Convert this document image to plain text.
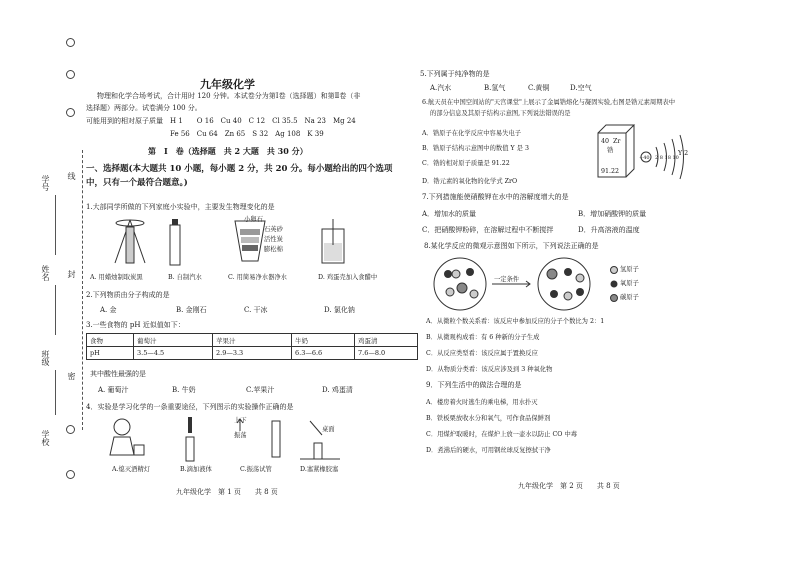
学号
姓名
班级
学校
线
封
密
九年级化学
物理和化学合场考试，合计用时 120 分钟。本试卷分为第Ⅰ卷（选择题）和第Ⅱ卷（非
选择题）两部分。试卷满分 100 分。
可能用到的相对原子质量　H 1　　O 16　Cu 40　C 12　Cl 35.5　Na 23　Mg 24
Fe 56　Cu 64　Zn 65　S 32　Ag 108　K 39
第　Ⅰ　卷（选择题　共 2 大题　共 30 分）
一、选择题(本大题共 10 小题，每小题 2 分，共 20 分。每小题给出的四个选项
中，只有一个最符合题意。)
1.大部同学所做的下列家庭小实验中，主要发生物理变化的是
小卵石
石英砂
活性炭
膨松棉
A. 用蜡烛制取炭黑	B. 自制汽水	C. 用简易净水器净水	D. 鸡蛋壳加入食醋中
2.下列物质由分子构成的是
A. 金	B. 金刚石	C. 干冰	D. 氯化钠
3.一些食物的 pH 近似值如下：
食物	葡萄汁	苹果汁	牛奶	鸡蛋清
pH	3.5—4.5	2.9—3.3	6.3—6.6	7.6—8.0
其中酸性最强的是
A. 葡萄汁	B. 牛奶	C.苹果汁	D. 鸡蛋清
4．实验是学习化学的一条重要途径，下列图示的实验操作正确的是
上下
振荡
桌面
A.熄灭酒精灯	B.滴加液体	C.振荡试管	D.塞紧橡胶塞
九年级化学　第 1 页　　共 8 页
5.下列属于纯净物的是
A.汽水	B.氢气	C.黄铜	D.空气
6.航天员在中国空间站的"天宫课堂"上展示了金属锆熔化与凝固实验,右图是锆元素周期表中
的部分信息及其原子结构示意图,下列说法错误的是
A．锆原子在化学反应中容易失电子
B．锆原子结构示意图中的数值 Y 是 3
C．锆的相对原子质量是 91.22
D．锆元素的氧化物的化学式 ZrO
40 Zr
锆
91.22
+40 2 8 18 10
Y 2
7.下列措施能使硝酸钾在水中的溶解度增大的是
A．增加水的质量	B．增加硝酸钾的质量
C．把硝酸钾粉碎，在溶解过程中不断搅拌	D．升高溶液的温度
8.某化学反应的微观示意图如下所示，下列说法正确的是
一定条件
氢原子
氧原子
碳原子
A．从微粒个数关系看：该反应中参加反应的分子个数比为 2：1
B．从微观构成看：有 6 种新的分子生成
C．从反应类型看：该反应属于置换反应
D．从物质分类看：该反应涉及到 3 种氧化物
9．下列生活中的做法合理的是
A．楼房着火时逃生的乘电梯，用水扑灭
B．铁板栗放收水分和氧气，可作食品保鲜剂
C．用煤炉取暖时，在煤炉上放一壶水以防止 CO 中毒
D．煮沸后的硬水，可用钢丝球反复擦拭干净
九年级化学　第 2 页　　共 8 页
